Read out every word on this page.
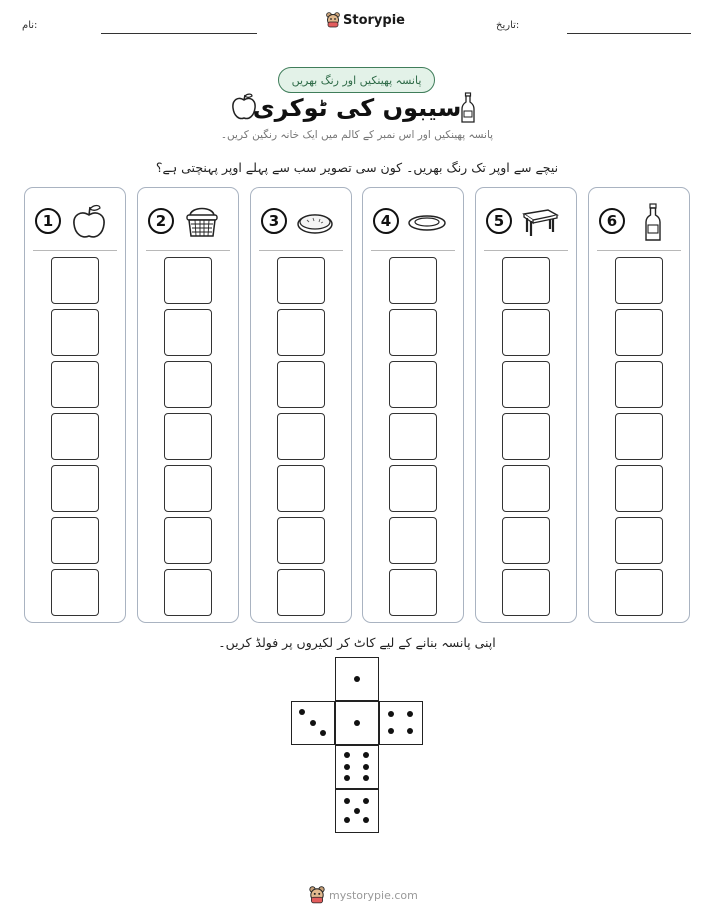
نام:	Storypie	تاریخ:
پانسہ پھینکیں اور رنگ بھریں
سیبوں کی ٹوکری
پانسہ پھینکیں اور اس نمبر کے کالم میں ایک خانہ رنگین کریں۔
نیچے سے اوپر تک رنگ بھریں۔ کون سی تصویر سب سے پہلے اوپر پہنچتی ہے؟
1	2	3	4	5	6
اپنی پانسہ بنانے کے لیے کاٹ کر لکیروں پر فولڈ کریں۔
mystorypie.com
